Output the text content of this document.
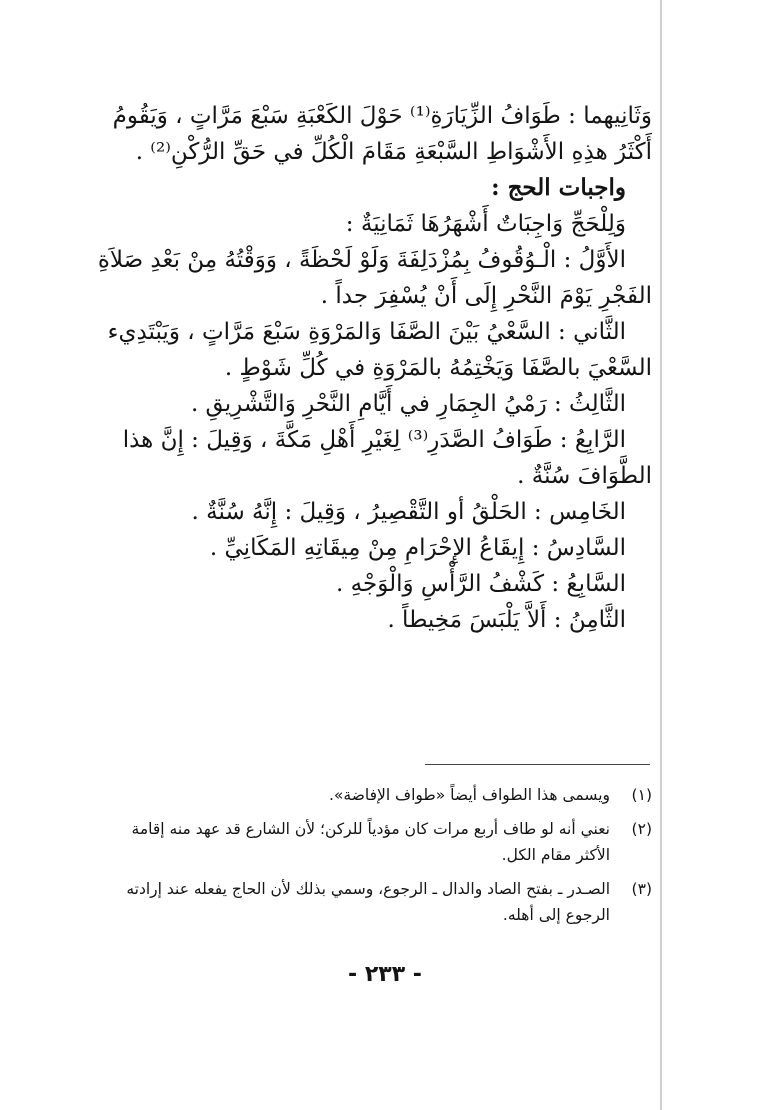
وَثَانِيهما : طَوَافُ الزِّيَارَةِ⁽¹⁾ حَوْلَ الكَعْبَةِ سَبْعَ مَرَّاتٍ ، وَيَقُومُ
أَكْثَرُ هذِهِ الأَشْوَاطِ السَّبْعَةِ مَقَامَ الْكُلِّ في حَقِّ الرُّكْنِ⁽²⁾ .
واجبات الحج :
وَلِلْحَجِّ وَاجِبَاتٌ أَشْهَرُهَا ثَمَانِيَةٌ :
الأَوَّلُ : الْـوُقُوفُ بِمُزْدَلِفَةَ وَلَوْ لَحْظَةً ، وَوَقْتُهُ مِنْ بَعْدِ صَلاَةِ
الفَجْرِ يَوْمَ النَّحْرِ إِلَى أَنْ يُسْفِرَ جداً .
الثَّاني : السَّعْيُ بَيْنَ الصَّفَا وَالمَرْوَةِ سَبْعَ مَرَّاتٍ ، وَيَبْتَدِيء
السَّعْيَ بالصَّفَا وَيَخْتِمُهُ بالمَرْوَةِ في كُلِّ شَوْطٍ .
الثَّالِثُ : رَمْيُ الجِمَارِ في أَيَّامِ النَّحْرِ وَالتَّشْرِيقِ .
الرَّابِعُ : طَوَافُ الصَّدَرِ⁽³⁾ لِغَيْرِ أَهْلِ مَكَّةَ ، وَقِيلَ : إِنَّ هذا
الطَّوَافَ سُنَّةٌ .
الخَامِس : الحَلْقُ أو التَّقْصِيرُ ، وَقِيلَ : إِنَّهُ سُنَّةٌ .
السَّادِسُ : إِيقَاعُ الإِحْرَامِ مِنْ مِيقَاتِهِ المَكَانِيِّ .
السَّابِعُ : كَشْفُ الرَّأْسِ وَالْوَجْهِ .
الثَّامِنُ : أَلاَّ يَلْبَسَ مَخِيطاً .
(١)
ويسمى هذا الطواف أيضاً «طواف الإفاضة».
(٢)
نعني أنه لو طاف أربع مرات كان مؤدياً للركن؛ لأن الشارع قد عهد منه إقامة الأكثر مقام الكل.
(٣)
الصـدر ـ بفتح الصاد والدال ـ الرجوع، وسمي بذلك لأن الحاج يفعله عند إرادته الرجوع إلى أهله.
- ٢٣٣ -
